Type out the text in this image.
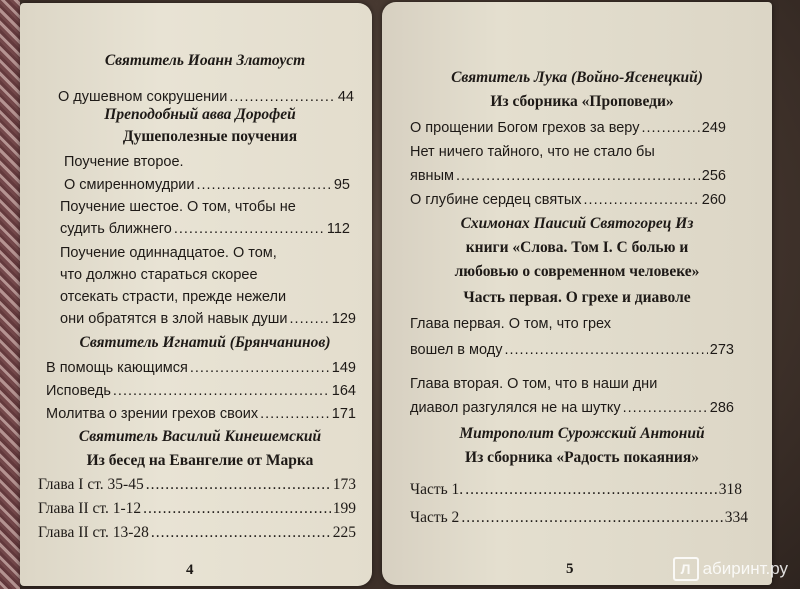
Святитель Иоанн Златоуст
О душевном сокрушении .....	44
Преподобный авва Дорофей
Душеполезные поучения
Поучение второе.
О смиренномудрии .....	95
Поучение шестое. О том, чтобы не
судить ближнего .....	112
Поучение одиннадцатое. О том,
что должно стараться скорее
отсекать страсти, прежде нежели
они обратятся в злой навык души .....	129
Святитель Игнатий (Брянчанинов)
В помощь кающимся .....	149
Исповедь .....	164
Молитва о зрении грехов своих .....	171
Святитель Василий Кинешемский
Из бесед на Евангелие от Марка
Глава I ст. 35-45 .....	173
Глава II ст. 1-12 .....	199
Глава II ст. 13-28 .....	225
4
Святитель Лука (Войно-Ясенецкий)
Из сборника «Проповеди»
О прощении Богом грехов за веру .....	249
Нет ничего тайного, что не стало бы
явным .....	256
О глубине сердец святых .....	260
Схимонах Паисий Святогорец Из
книги «Слова. Том I. С болью и
любовью о современном человеке»
Часть первая. О грехе и диаволе
Глава первая. О том, что грех
вошел в моду .....	273
Глава вторая. О том, что в наши дни
диавол разгулялся не на шутку .....	286
Митрополит Сурожский Антоний
Из сборника «Радость покаяния»
Часть 1. .....	318
Часть 2 .....	334
5	Л абиринт.ру
